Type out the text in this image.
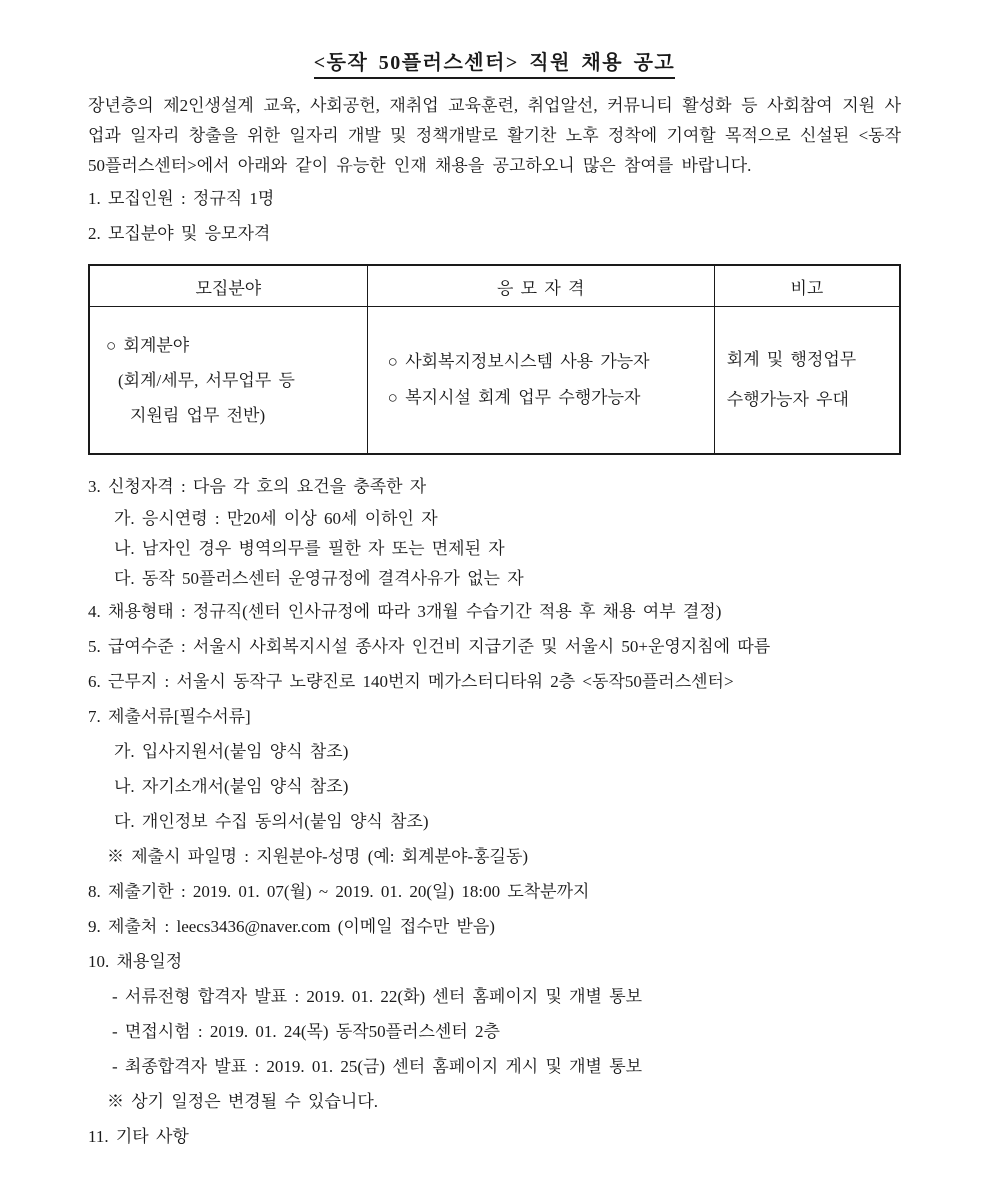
<동작 50플러스센터> 직원 채용 공고

장년층의 제2인생설계 교육, 사회공헌, 재취업 교육훈련, 취업알선, 커뮤니티 활성화 등 사회참여 지원 사업과 일자리 창출을 위한 일자리 개발 및 정책개발로 활기찬 노후 정착에 기여할 목적으로 신설된 <동작 50플러스센터>에서 아래와 같이 유능한 인재 채용을 공고하오니 많은 참여를 바랍니다.

1. 모집인원 : 정규직 1명
2. 모집분야 및 응모자격
모집분야	응 모 자 격	비고

○ 회계분야
(회계/세무, 서무업무 등
지원림 업무 전반)

○ 사회복지정보시스템 사용 가능자
○ 복지시설 회계 업무 수행가능자

회계 및 행정업무
수행가능자 우대
3. 신청자격 : 다음 각 호의 요건을 충족한 자
가. 응시연령 : 만20세 이상 60세 이하인 자
나. 남자인 경우 병역의무를 필한 자 또는 면제된 자
다. 동작 50플러스센터 운영규정에 결격사유가 없는 자
4. 채용형태 : 정규직(센터 인사규정에 따라 3개월 수습기간 적용 후 채용 여부 결정)
5. 급여수준 : 서울시 사회복지시설 종사자 인건비 지급기준 및 서울시 50+운영지침에 따름
6. 근무지 : 서울시 동작구 노량진로 140번지 메가스터디타워 2층 <동작50플러스센터>
7. 제출서류[필수서류]
가. 입사지원서(붙임 양식 참조)
나. 자기소개서(붙임 양식 참조)
다. 개인정보 수집 동의서(붙임 양식 참조)
※ 제출시 파일명 : 지원분야-성명 (예: 회계분야-홍길동)
8. 제출기한 : 2019. 01. 07(월) ~ 2019. 01. 20(일) 18:00 도착분까지
9. 제출처 : leecs3436@naver.com (이메일 접수만 받음)
10. 채용일정
- 서류전형 합격자 발표 : 2019. 01. 22(화) 센터 홈페이지 및 개별 통보
- 면접시험 : 2019. 01. 24(목) 동작50플러스센터 2층
- 최종합격자 발표 : 2019. 01. 25(금) 센터 홈페이지 게시 및 개별 통보
※ 상기 일정은 변경될 수 있습니다.
11. 기타 사항
